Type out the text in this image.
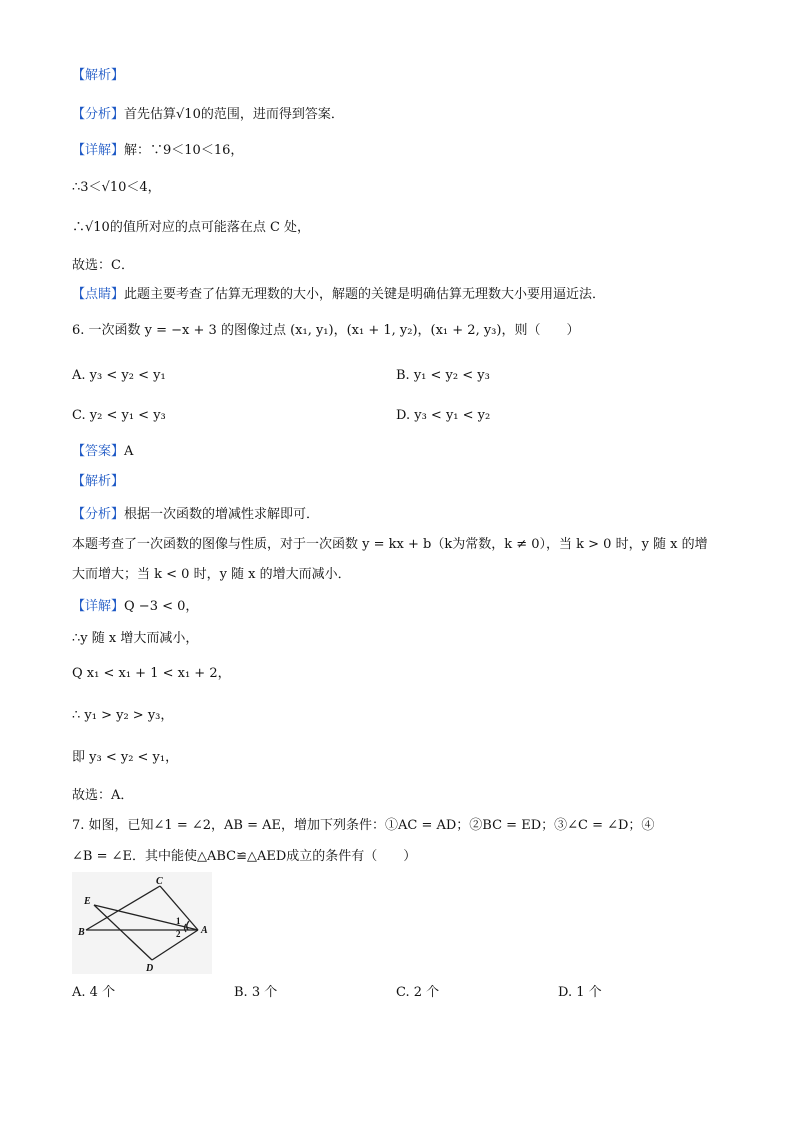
【解析】
【分析】首先估算√10的范围，进而得到答案．
【详解】解：∵9＜10＜16，
∴3＜√10＜4，
∴√10的值所对应的点可能落在点 C 处，
故选：C．
【点睛】此题主要考查了估算无理数的大小，解题的关键是明确估算无理数大小要用逼近法．
6. 一次函数 y = −x + 3 的图像过点 (x₁, y₁)，(x₁ + 1, y₂)，(x₁ + 2, y₃)，则（　　）
A. y₃ < y₂ < y₁	B. y₁ < y₂ < y₃
C. y₂ < y₁ < y₃	D. y₃ < y₁ < y₂
【答案】A
【解析】
【分析】根据一次函数的增减性求解即可．
本题考查了一次函数的图像与性质，对于一次函数 y = kx + b（k为常数，k ≠ 0），当 k > 0 时，y 随 x 的增
大而增大；当 k < 0 时，y 随 x 的增大而减小．
【详解】Q −3 < 0，
∴y 随 x 增大而减小，
Q x₁ < x₁ + 1 < x₁ + 2，
∴ y₁ > y₂ > y₃，
即 y₃ < y₂ < y₁，
故选：A．
7. 如图，已知∠1 = ∠2，AB = AE，增加下列条件：①AC = AD；②BC = ED；③∠C = ∠D；④
∠B = ∠E．其中能使△ABC≌△AED成立的条件有（　　）
C
E
B	A
D
1
2
A. 4 个	B. 3 个	C. 2 个	D. 1 个
